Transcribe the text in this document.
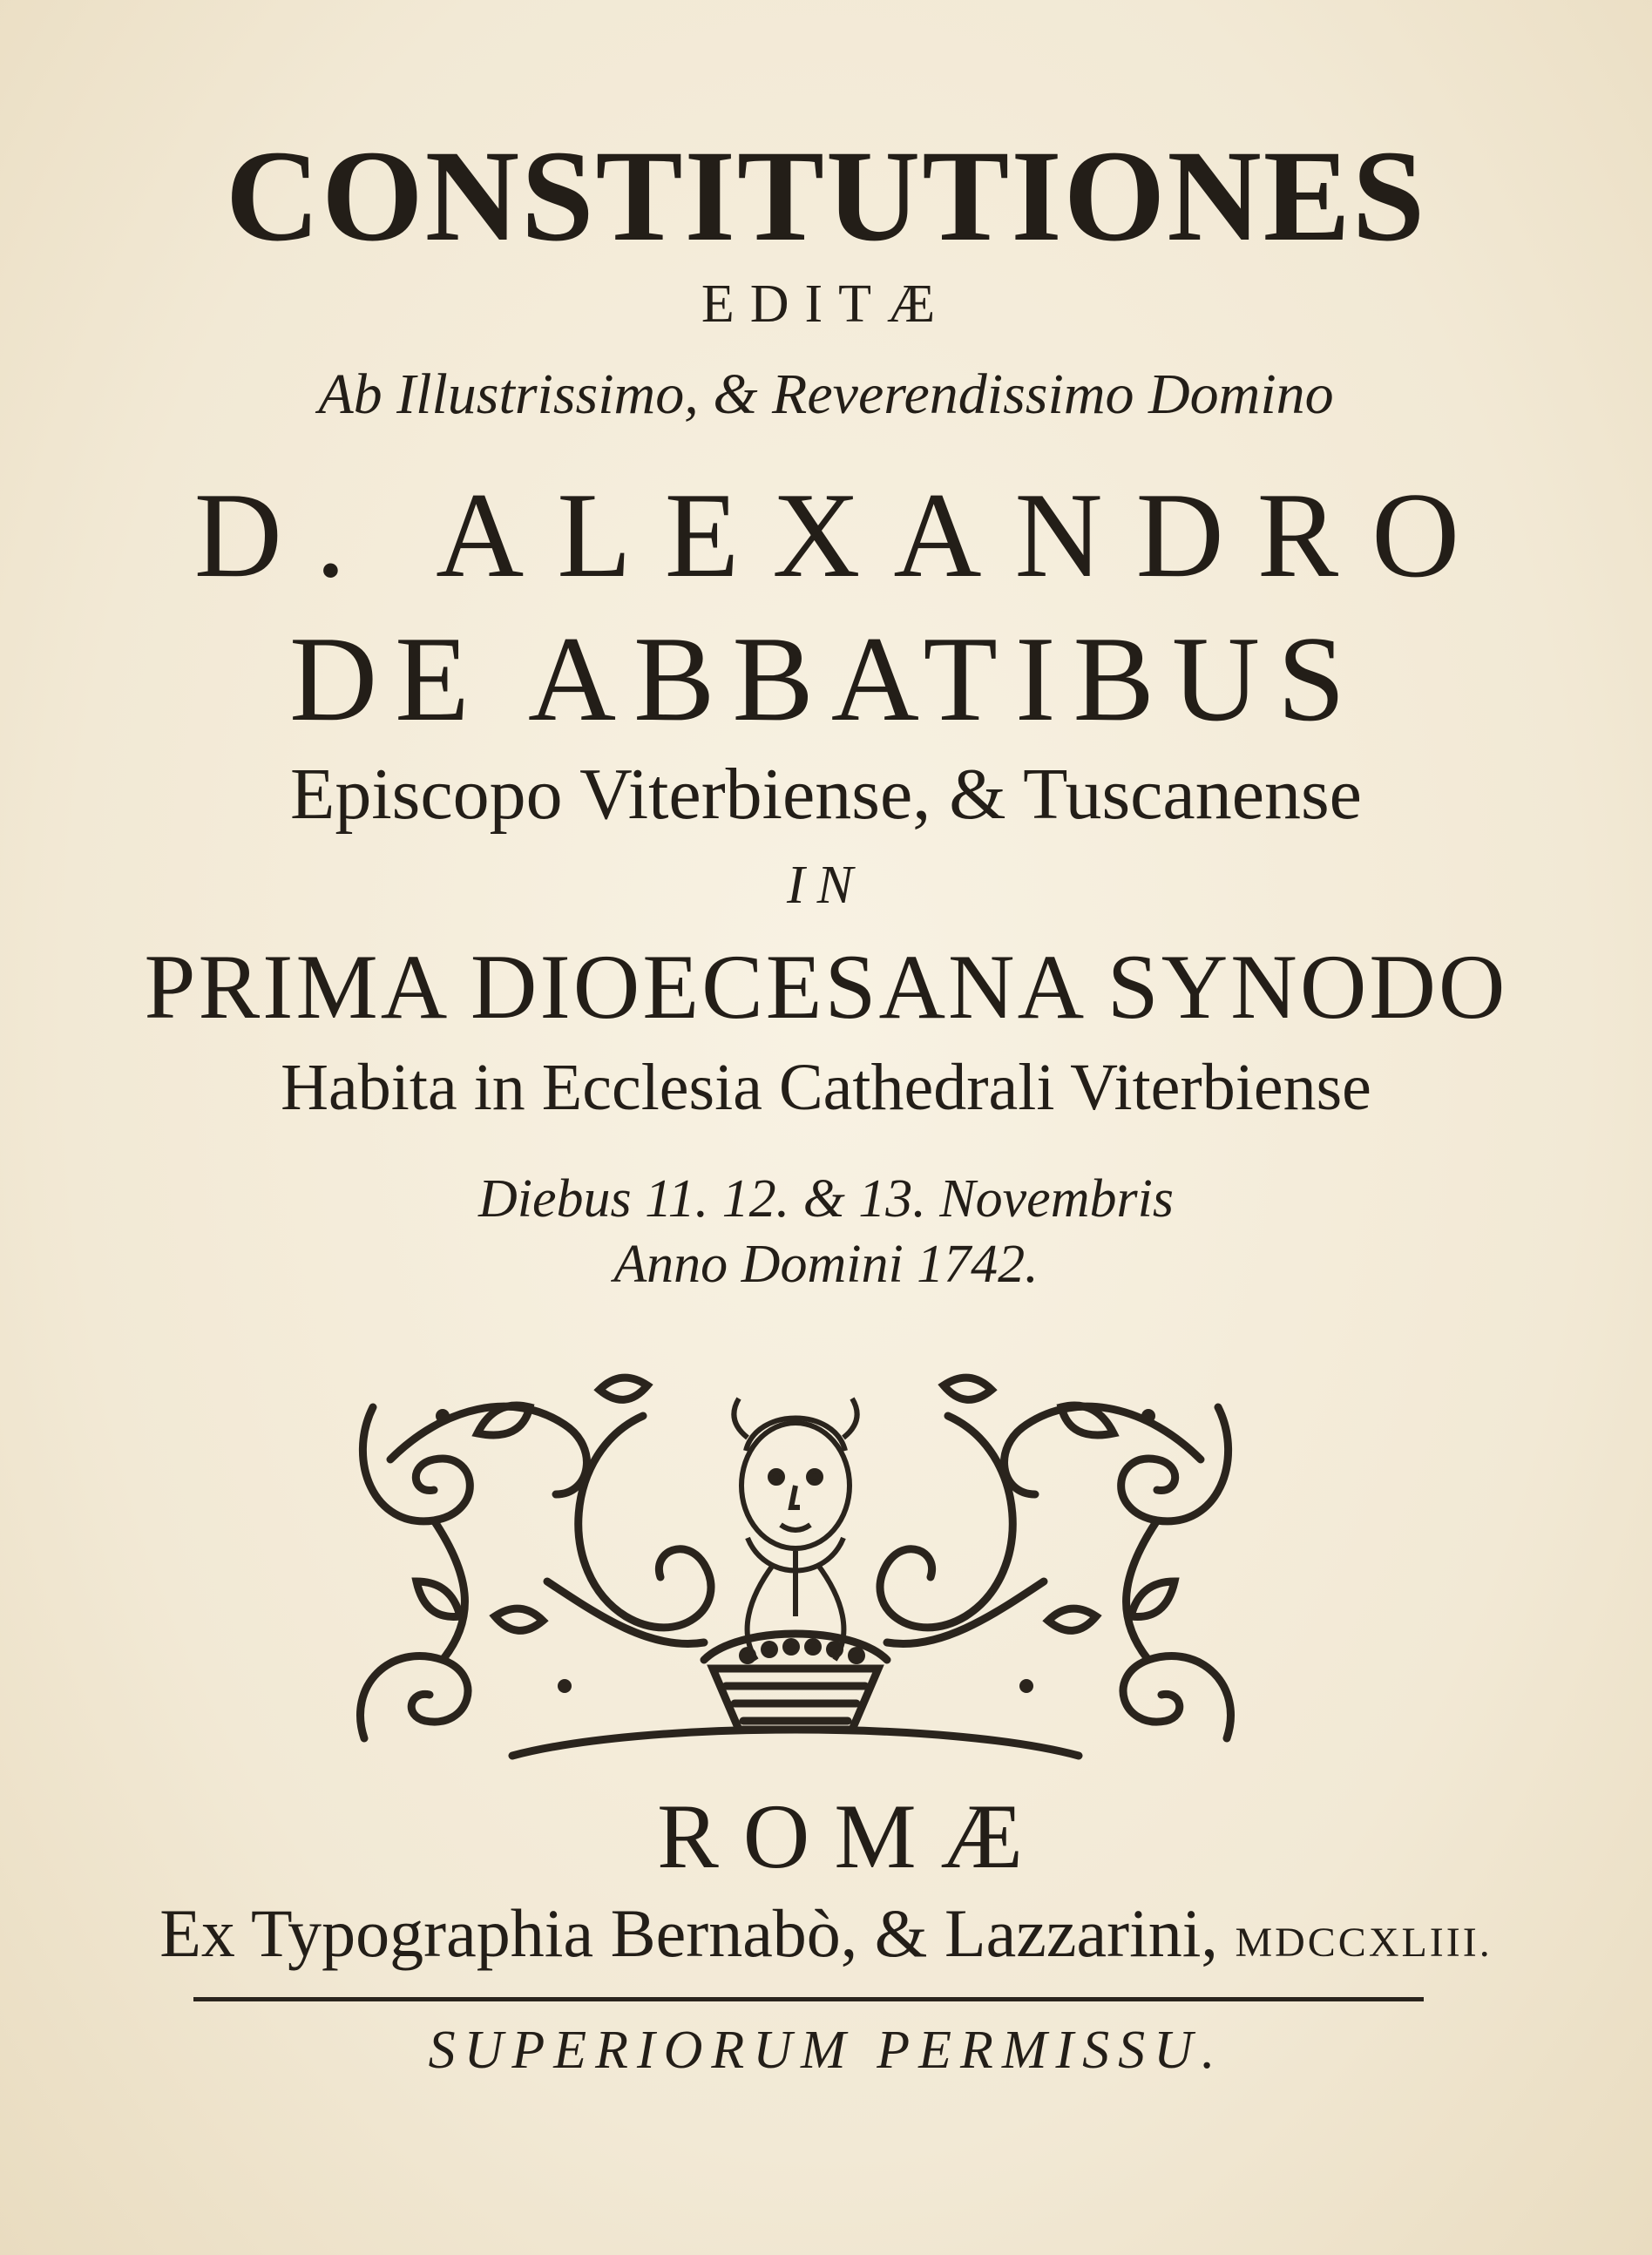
CONSTITUTIONES
EDITÆ
Ab Illustrissimo, & Reverendissimo Domino
D. ALEXANDRO
DE ABBATIBUS
Episcopo Viterbiense, & Tuscanense
IN
PRIMA DIOECESANA SYNODO
Habita in Ecclesia Cathedrali Viterbiense
Diebus 11. 12. & 13. Novembris
Anno Domini 1742.
ROMÆ
Ex Typographia Bernabò, & Lazzarini, MDCCXLIII.
SUPERIORUM PERMISSU.
